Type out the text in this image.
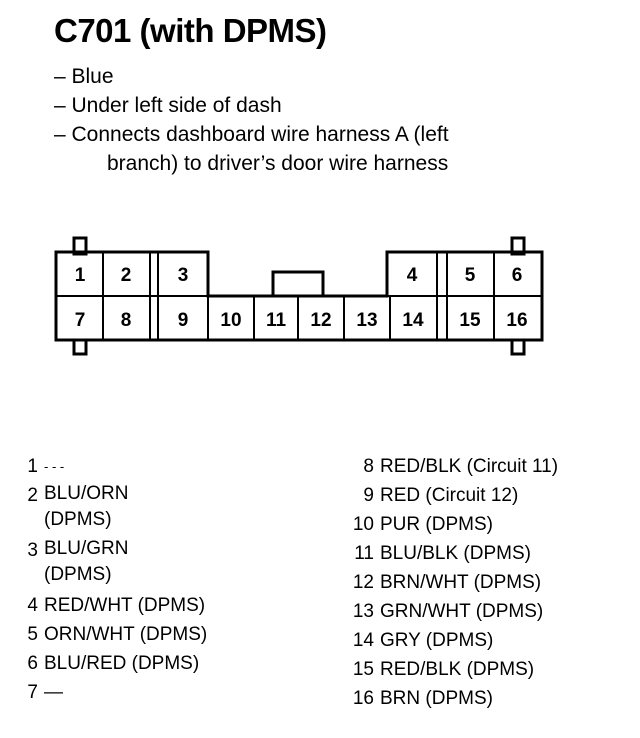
C701 (with DPMS)
– Blue
– Under left side of dash
– Connects dashboard wire harness A (left
branch) to driver’s door wire harness
1 2 3	4 5 6
7 8 9 10 11 12 13 14 15 16
1 - - -
2 BLU/ORN (DPMS)
3 BLU/GRN (DPMS)
4 RED/WHT (DPMS)
5 ORN/WHT (DPMS)
6 BLU/RED (DPMS)
7 —
8 RED/BLK (Circuit 11)
9 RED (Circuit 12)
10 PUR (DPMS)
11 BLU/BLK (DPMS)
12 BRN/WHT (DPMS)
13 GRN/WHT (DPMS)
14 GRY (DPMS)
15 RED/BLK (DPMS)
16 BRN (DPMS)
